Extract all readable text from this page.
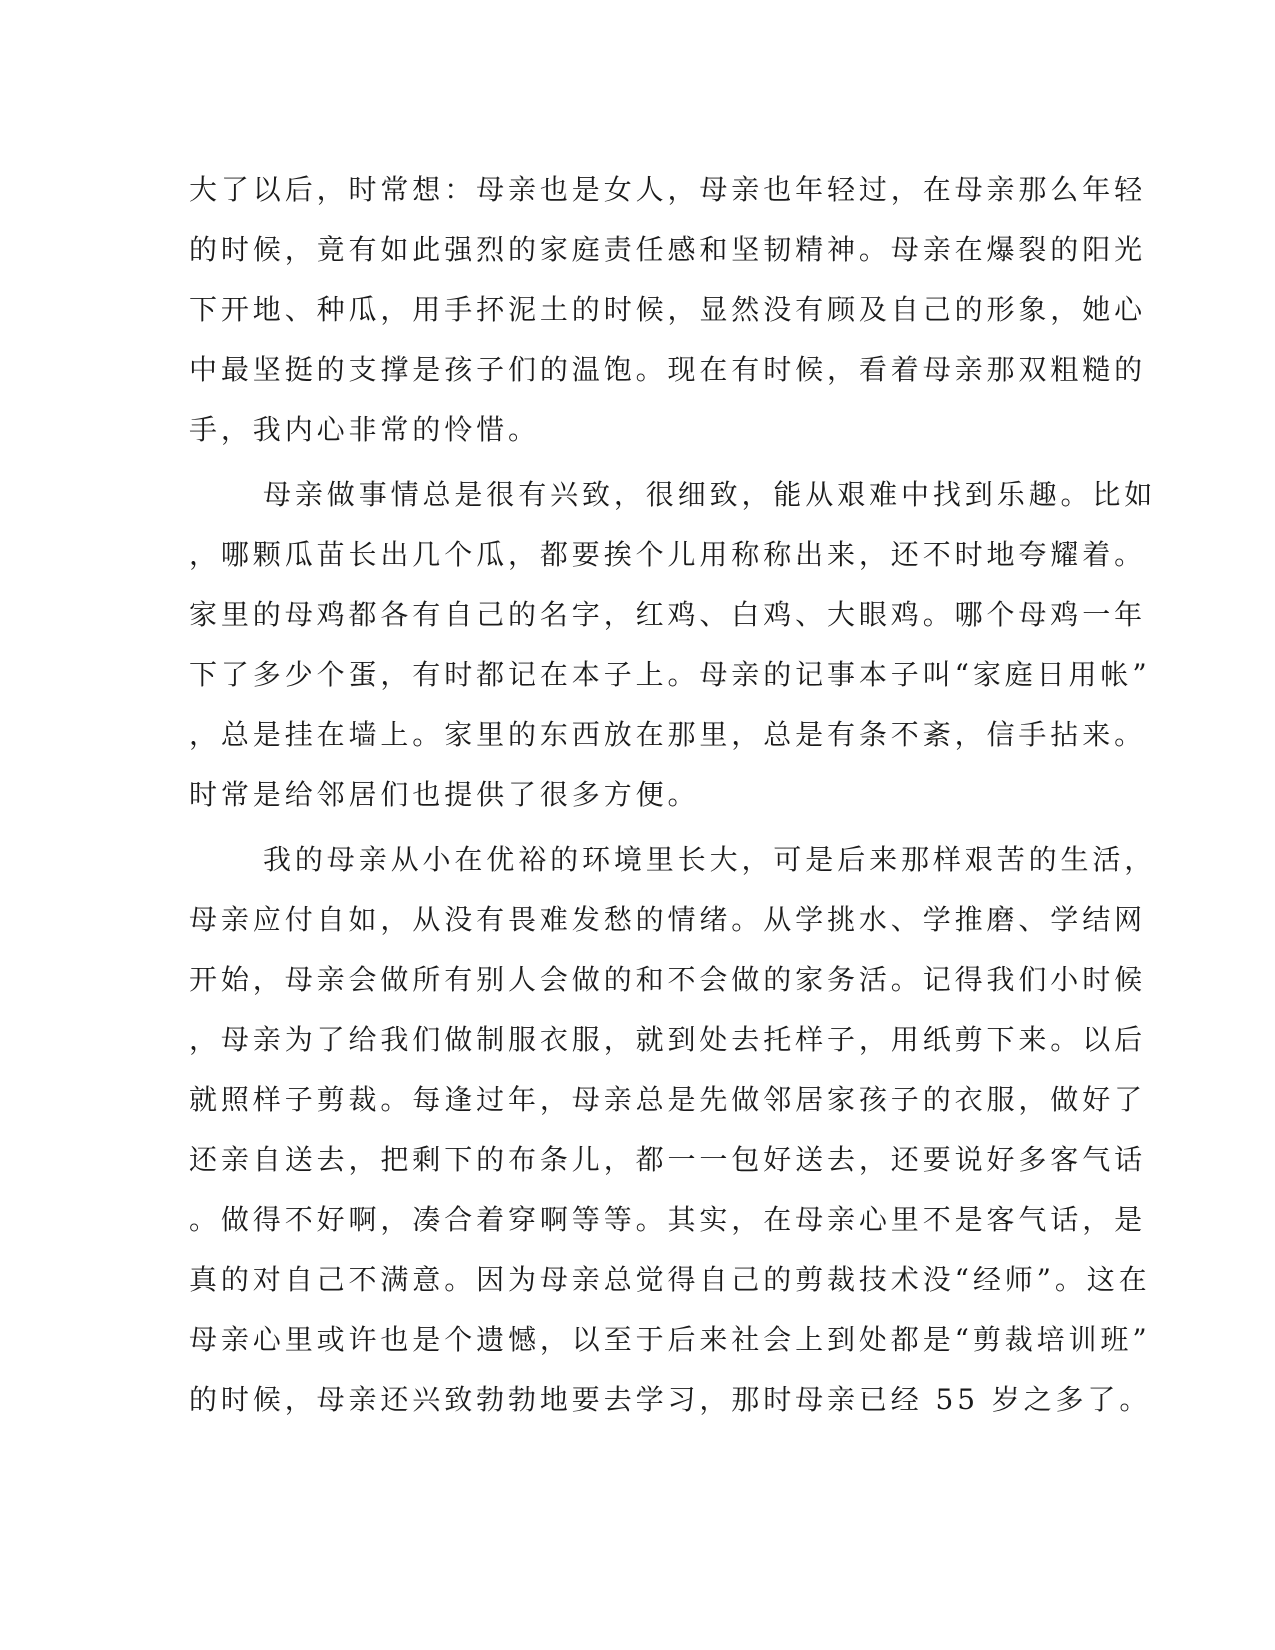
大了以后，时常想：母亲也是女人，母亲也年轻过，在母亲那么年轻
的时候，竟有如此强烈的家庭责任感和坚韧精神。母亲在爆裂的阳光
下开地、种瓜，用手抔泥土的时候，显然没有顾及自己的形象，她心
中最坚挺的支撑是孩子们的温饱。现在有时候，看着母亲那双粗糙的
手，我内心非常的怜惜。
母亲做事情总是很有兴致，很细致，能从艰难中找到乐趣。比如
，哪颗瓜苗长出几个瓜，都要挨个儿用称称出来，还不时地夸耀着。
家里的母鸡都各有自己的名字，红鸡、白鸡、大眼鸡。哪个母鸡一年
下了多少个蛋，有时都记在本子上。母亲的记事本子叫“家庭日用帐”
，总是挂在墙上。家里的东西放在那里，总是有条不紊，信手拈来。
时常是给邻居们也提供了很多方便。
我的母亲从小在优裕的环境里长大，可是后来那样艰苦的生活，
母亲应付自如，从没有畏难发愁的情绪。从学挑水、学推磨、学结网
开始，母亲会做所有别人会做的和不会做的家务活。记得我们小时候
，母亲为了给我们做制服衣服，就到处去托样子，用纸剪下来。以后
就照样子剪裁。每逢过年，母亲总是先做邻居家孩子的衣服，做好了
还亲自送去，把剩下的布条儿，都一一包好送去，还要说好多客气话
。做得不好啊，凑合着穿啊等等。其实，在母亲心里不是客气话，是
真的对自己不满意。因为母亲总觉得自己的剪裁技术没“经师”。这在
母亲心里或许也是个遗憾，以至于后来社会上到处都是“剪裁培训班”
的时候，母亲还兴致勃勃地要去学习，那时母亲已经 55 岁之多了。
